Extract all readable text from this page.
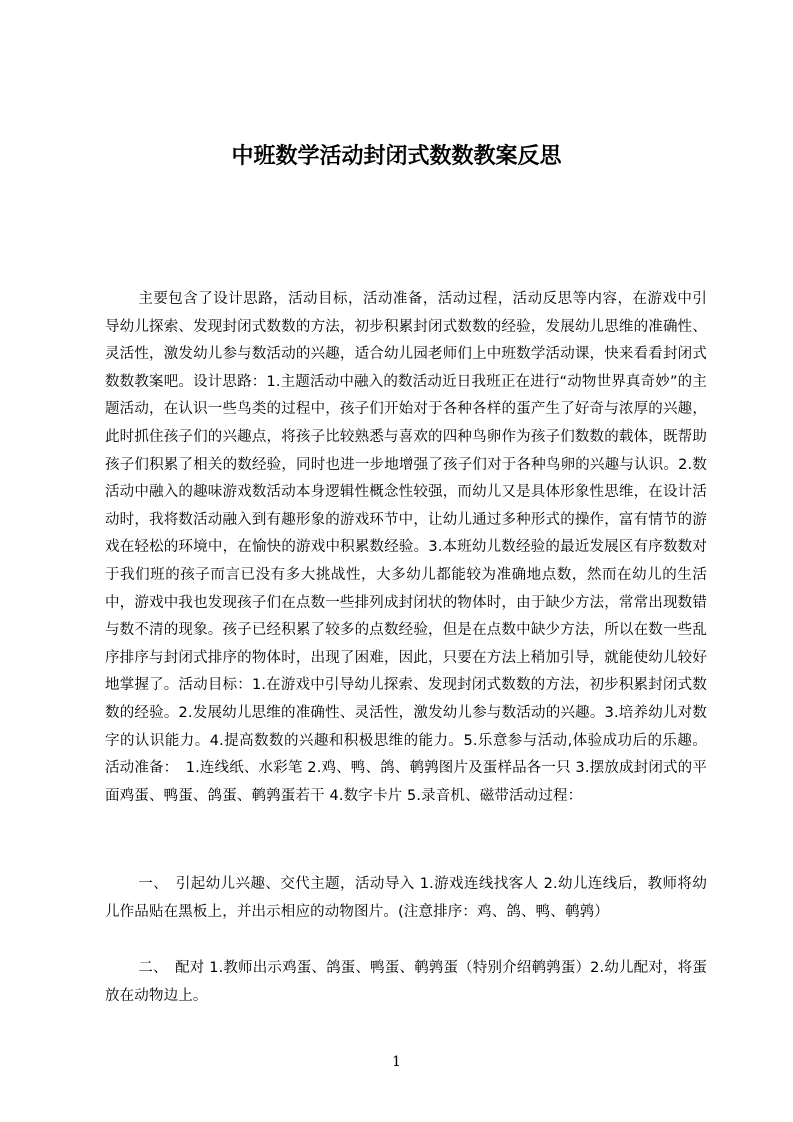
中班数学活动封闭式数数教案反思

主要包含了设计思路，活动目标，活动准备，活动过程，活动反思等内容，在游戏中引导幼儿探索、发现封闭式数数的方法，初步积累封闭式数数的经验，发展幼儿思维的准确性、灵活性，激发幼儿参与数活动的兴趣，适合幼儿园老师们上中班数学活动课，快来看看封闭式数数教案吧。设计思路：1.主题活动中融入的数活动近日我班正在进行“动物世界真奇妙”的主题活动，在认识一些鸟类的过程中，孩子们开始对于各种各样的蛋产生了好奇与浓厚的兴趣，此时抓住孩子们的兴趣点，将孩子比较熟悉与喜欢的四种鸟卵作为孩子们数数的载体，既帮助孩子们积累了相关的数经验，同时也进一步地增强了孩子们对于各种鸟卵的兴趣与认识。2.数活动中融入的趣味游戏数活动本身逻辑性概念性较强，而幼儿又是具体形象性思维，在设计活动时，我将数活动融入到有趣形象的游戏环节中，让幼儿通过多种形式的操作，富有情节的游戏在轻松的环境中，在愉快的游戏中积累数经验。3.本班幼儿数经验的最近发展区有序数数对于我们班的孩子而言已没有多大挑战性，大多幼儿都能较为准确地点数，然而在幼儿的生活中，游戏中我也发现孩子们在点数一些排列成封闭状的物体时，由于缺少方法，常常出现数错与数不清的现象。孩子已经积累了较多的点数经验，但是在点数中缺少方法，所以在数一些乱序排序与封闭式排序的物体时，出现了困难，因此，只要在方法上稍加引导，就能使幼儿较好地掌握了。活动目标：1.在游戏中引导幼儿探索、发现封闭式数数的方法，初步积累封闭式数数的经验。2.发展幼儿思维的准确性、灵活性，激发幼儿参与数活动的兴趣。3.培养幼儿对数字的认识能力。4.提高数数的兴趣和积极思维的能力。5.乐意参与活动,体验成功后的乐趣。活动准备：　1.连线纸、水彩笔 2.鸡、鸭、鸽、鹌鹑图片及蛋样品各一只 3.摆放成封闭式的平面鸡蛋、鸭蛋、鸽蛋、鹌鹑蛋若干 4.数字卡片 5.录音机、磁带活动过程：

一、　引起幼儿兴趣、交代主题，活动导入 1.游戏连线找客人 2.幼儿连线后，教师将幼儿作品贴在黑板上，并出示相应的动物图片。(注意排序：鸡、鸽、鸭、鹌鹑）

二、　配对 1.教师出示鸡蛋、鸽蛋、鸭蛋、鹌鹑蛋（特别介绍鹌鹑蛋）2.幼儿配对，将蛋放在动物边上。

1
